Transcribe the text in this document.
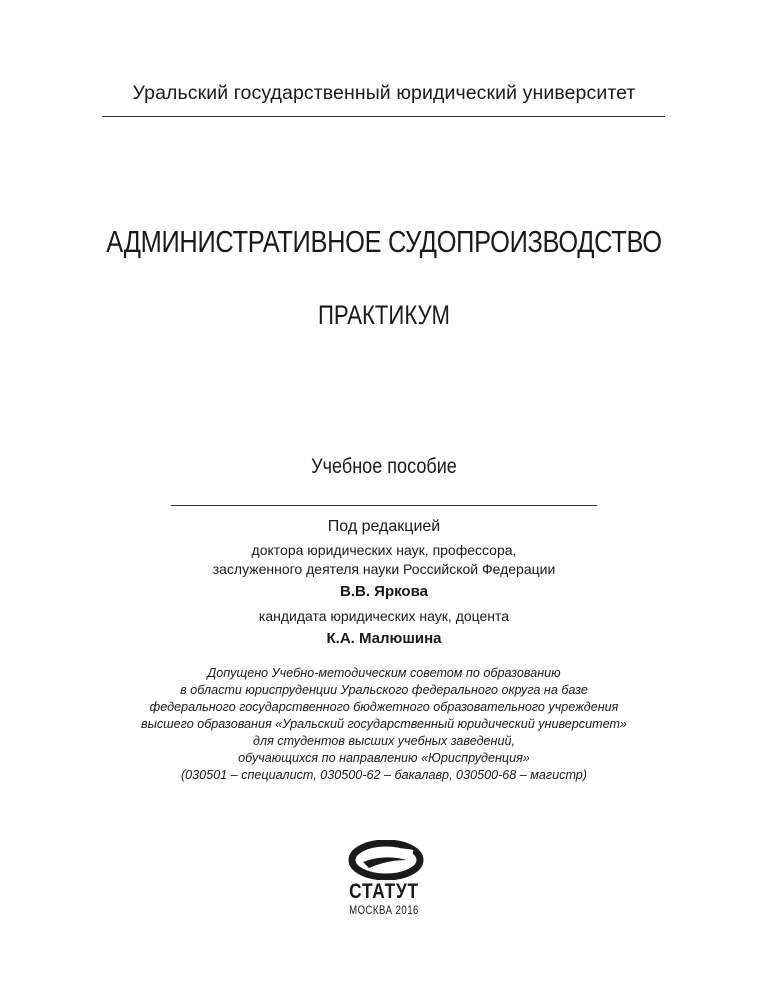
Уральский государственный юридический университет
АДМИНИСТРАТИВНОЕ СУДОПРОИЗВОДСТВО
ПРАКТИКУМ
Учебное пособие
Под редакцией
доктора юридических наук, профессора,
заслуженного деятеля науки Российской Федерации
В.В. Яркова
кандидата юридических наук, доцента
К.А. Малюшина
Допущено Учебно-методическим советом по образованию
в области юриспруденции Уральского федерального округа на базе
федерального государственного бюджетного образовательного учреждения
высшего образования «Уральский государственный юридический университет»
для студентов высших учебных заведений,
обучающихся по направлению «Юриспруденция»
(030501 – специалист, 030500-62 – бакалавр, 030500-68 – магистр)
СТАТУТ
МОСКВА 2016
